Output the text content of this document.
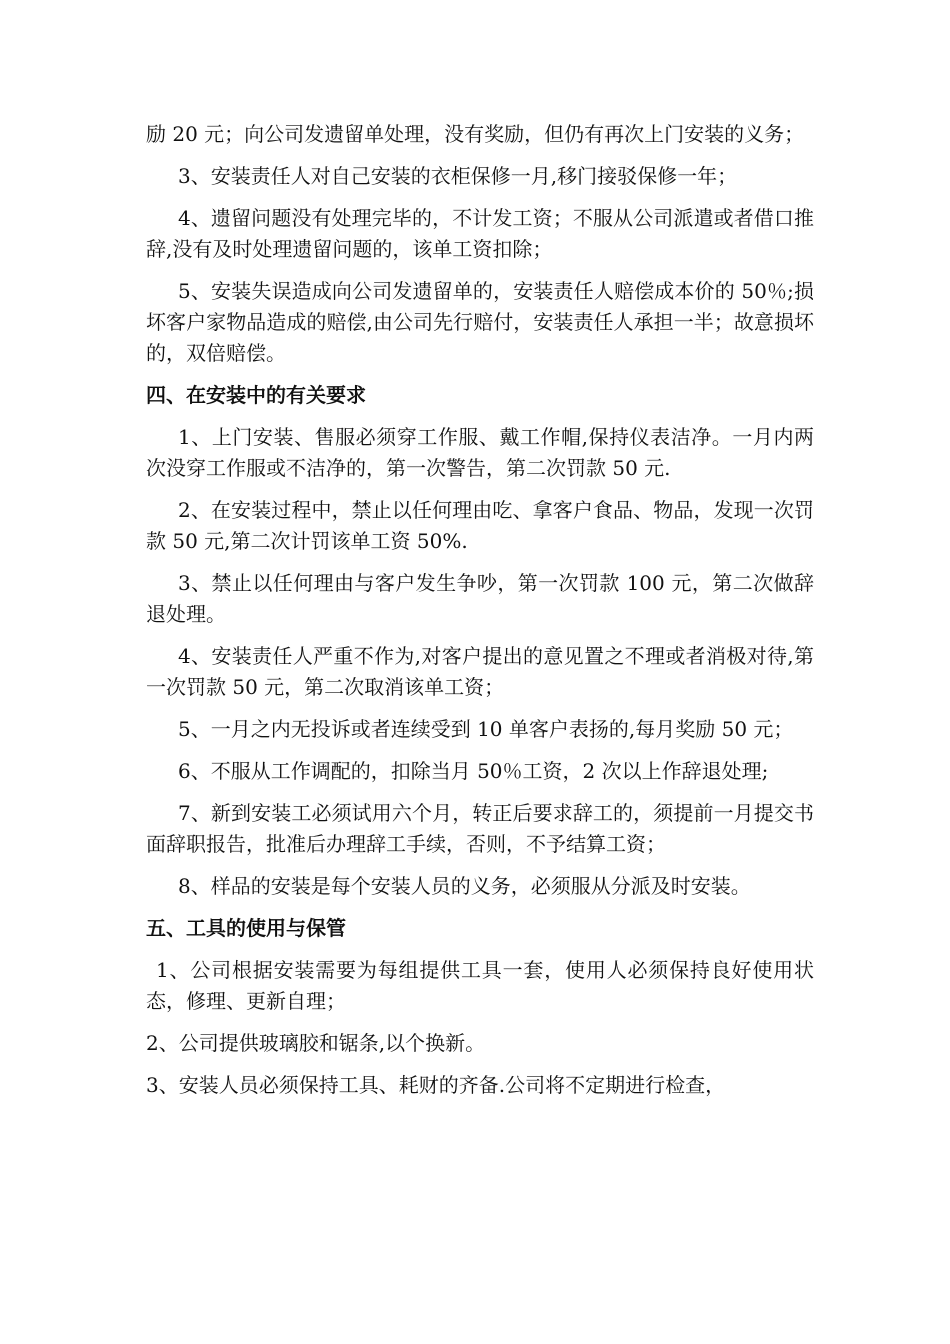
励 20 元；向公司发遗留单处理，没有奖励，但仍有再次上门安装的义务；

3、安装责任人对自己安装的衣柜保修一月,移门接驳保修一年；

4、遗留问题没有处理完毕的，不计发工资；不服从公司派遣或者借口推辞,没有及时处理遗留问题的，该单工资扣除；

5、安装失误造成向公司发遗留单的，安装责任人赔偿成本价的 50％;损坏客户家物品造成的赔偿,由公司先行赔付，安装责任人承担一半；故意损坏的，双倍赔偿。

四、在安装中的有关要求

1、上门安装、售服必须穿工作服、戴工作帽,保持仪表洁净。一月内两次没穿工作服或不洁净的，第一次警告，第二次罚款 50 元.

2、在安装过程中，禁止以任何理由吃、拿客户食品、物品，发现一次罚款 50 元,第二次计罚该单工资 50%.

3、禁止以任何理由与客户发生争吵，第一次罚款 100 元，第二次做辞退处理。

4、安装责任人严重不作为,对客户提出的意见置之不理或者消极对待,第一次罚款 50 元，第二次取消该单工资；

5、一月之内无投诉或者连续受到 10 单客户表扬的,每月奖励 50 元；

6、不服从工作调配的，扣除当月 50％工资，2 次以上作辞退处理;

7、新到安装工必须试用六个月，转正后要求辞工的，须提前一月提交书面辞职报告，批准后办理辞工手续，否则，不予结算工资；

8、样品的安装是每个安装人员的义务，必须服从分派及时安装。

五、工具的使用与保管

1、公司根据安装需要为每组提供工具一套，使用人必须保持良好使用状态，修理、更新自理；

2、公司提供玻璃胶和锯条,以个换新。

3、安装人员必须保持工具、耗财的齐备.公司将不定期进行检查，
